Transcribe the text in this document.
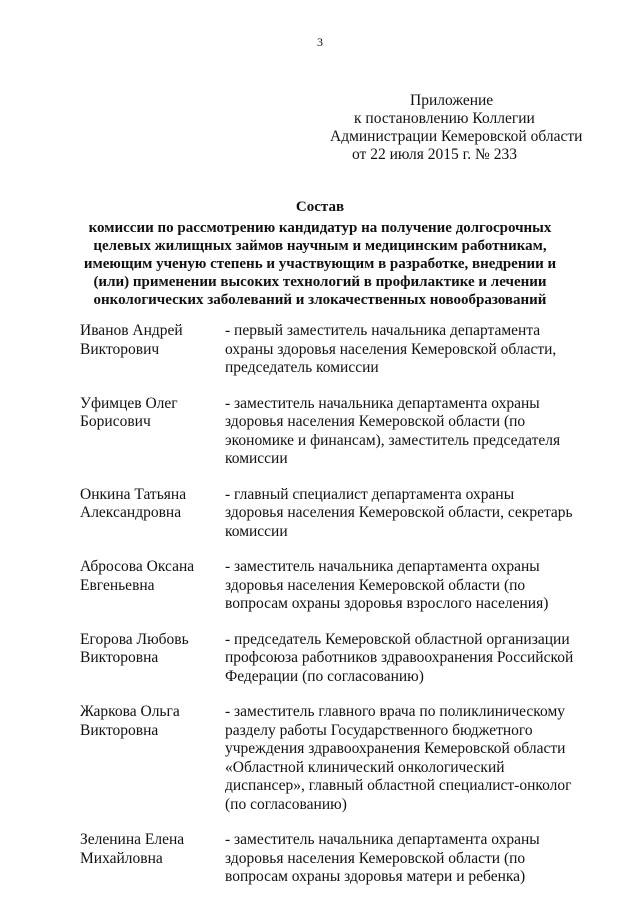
3
Приложение
к постановлению Коллегии
Администрации Кемеровской области
от 22 июля 2015 г. № 233
Состав
комиссии по рассмотрению кандидатур на получение долгосрочных
целевых жилищных займов научным и медицинским работникам,
имеющим ученую степень и участвующим в разработке, внедрении и
(или) применении высоких технологий в профилактике и лечении
онкологических заболеваний и злокачественных новообразований
Иванов Андрей
Викторович
- первый заместитель начальника департамента
охраны здоровья населения Кемеровской области,
председатель комиссии
Уфимцев Олег
Борисович
- заместитель начальника департамента охраны
здоровья населения Кемеровской области (по
экономике и финансам), заместитель председателя
комиссии
Онкина Татьяна
Александровна
- главный специалист департамента охраны
здоровья населения Кемеровской области, секретарь
комиссии
Абросова Оксана
Евгеньевна
- заместитель начальника департамента охраны
здоровья населения Кемеровской области (по
вопросам охраны здоровья взрослого населения)
Егорова Любовь
Викторовна
- председатель Кемеровской областной организации
профсоюза работников здравоохранения Российской
Федерации (по согласованию)
Жаркова Ольга
Викторовна
- заместитель главного врача по поликлиническому
разделу работы Государственного бюджетного
учреждения здравоохранения Кемеровской области
«Областной клинический онкологический
диспансер», главный областной специалист-онколог
(по согласованию)
Зеленина Елена
Михайловна
- заместитель начальника департамента охраны
здоровья населения Кемеровской области (по
вопросам охраны здоровья матери и ребенка)
